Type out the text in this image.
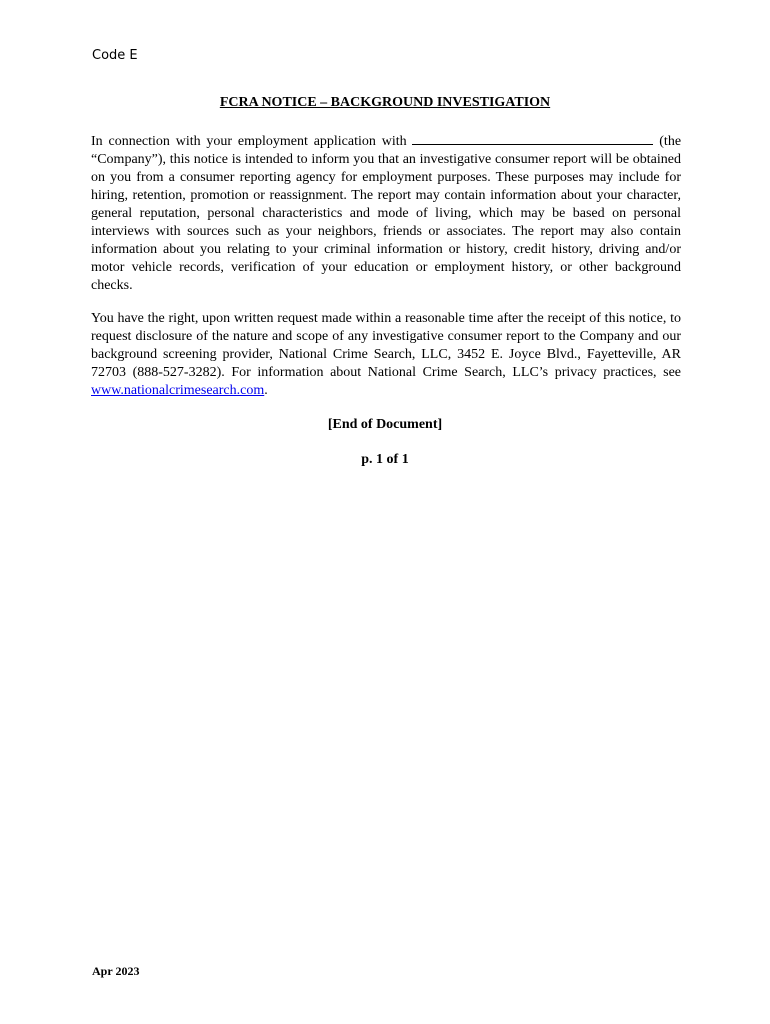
Code E
FCRA NOTICE – BACKGROUND INVESTIGATION
In connection with your employment application with	(the “Company”), this notice is intended to inform you that an investigative consumer report will be obtained on you from a consumer reporting agency for employment purposes. These purposes may include for hiring, retention, promotion or reassignment. The report may contain information about your character, general reputation, personal characteristics and mode of living, which may be based on personal interviews with sources such as your neighbors, friends or associates. The report may also contain information about you relating to your criminal information or history, credit history, driving and/or motor vehicle records, verification of your education or employment history, or other background checks.
You have the right, upon written request made within a reasonable time after the receipt of this notice, to request disclosure of the nature and scope of any investigative consumer report to the Company and our background screening provider, National Crime Search, LLC, 3452 E. Joyce Blvd., Fayetteville, AR 72703 (888-527-3282). For information about National Crime Search, LLC’s privacy practices, see www.nationalcrimesearch.com.
[End of Document]
p. 1 of 1
Apr 2023
